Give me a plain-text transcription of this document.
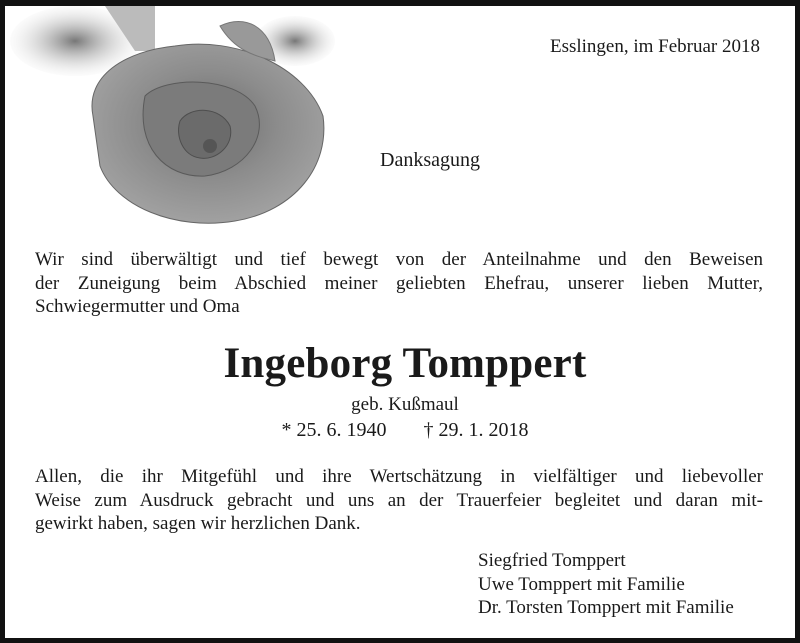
Esslingen, im Februar 2018
Danksagung
Wir sind überwältigt und tief bewegt von der Anteilnahme und den Beweisen
der Zuneigung beim Abschied meiner geliebten Ehefrau, unserer lieben Mutter,
Schwiegermutter und Oma
Ingeborg Tomppert
geb. Kußmaul
* 25. 6. 1940 † 29. 1. 2018
Allen, die ihr Mitgefühl und ihre Wertschätzung in vielfältiger und liebevoller
Weise zum Ausdruck gebracht und uns an der Trauerfeier begleitet und daran mit-
gewirkt haben, sagen wir herzlichen Dank.
Siegfried Tomppert
Uwe Tomppert mit Familie
Dr. Torsten Tomppert mit Familie
